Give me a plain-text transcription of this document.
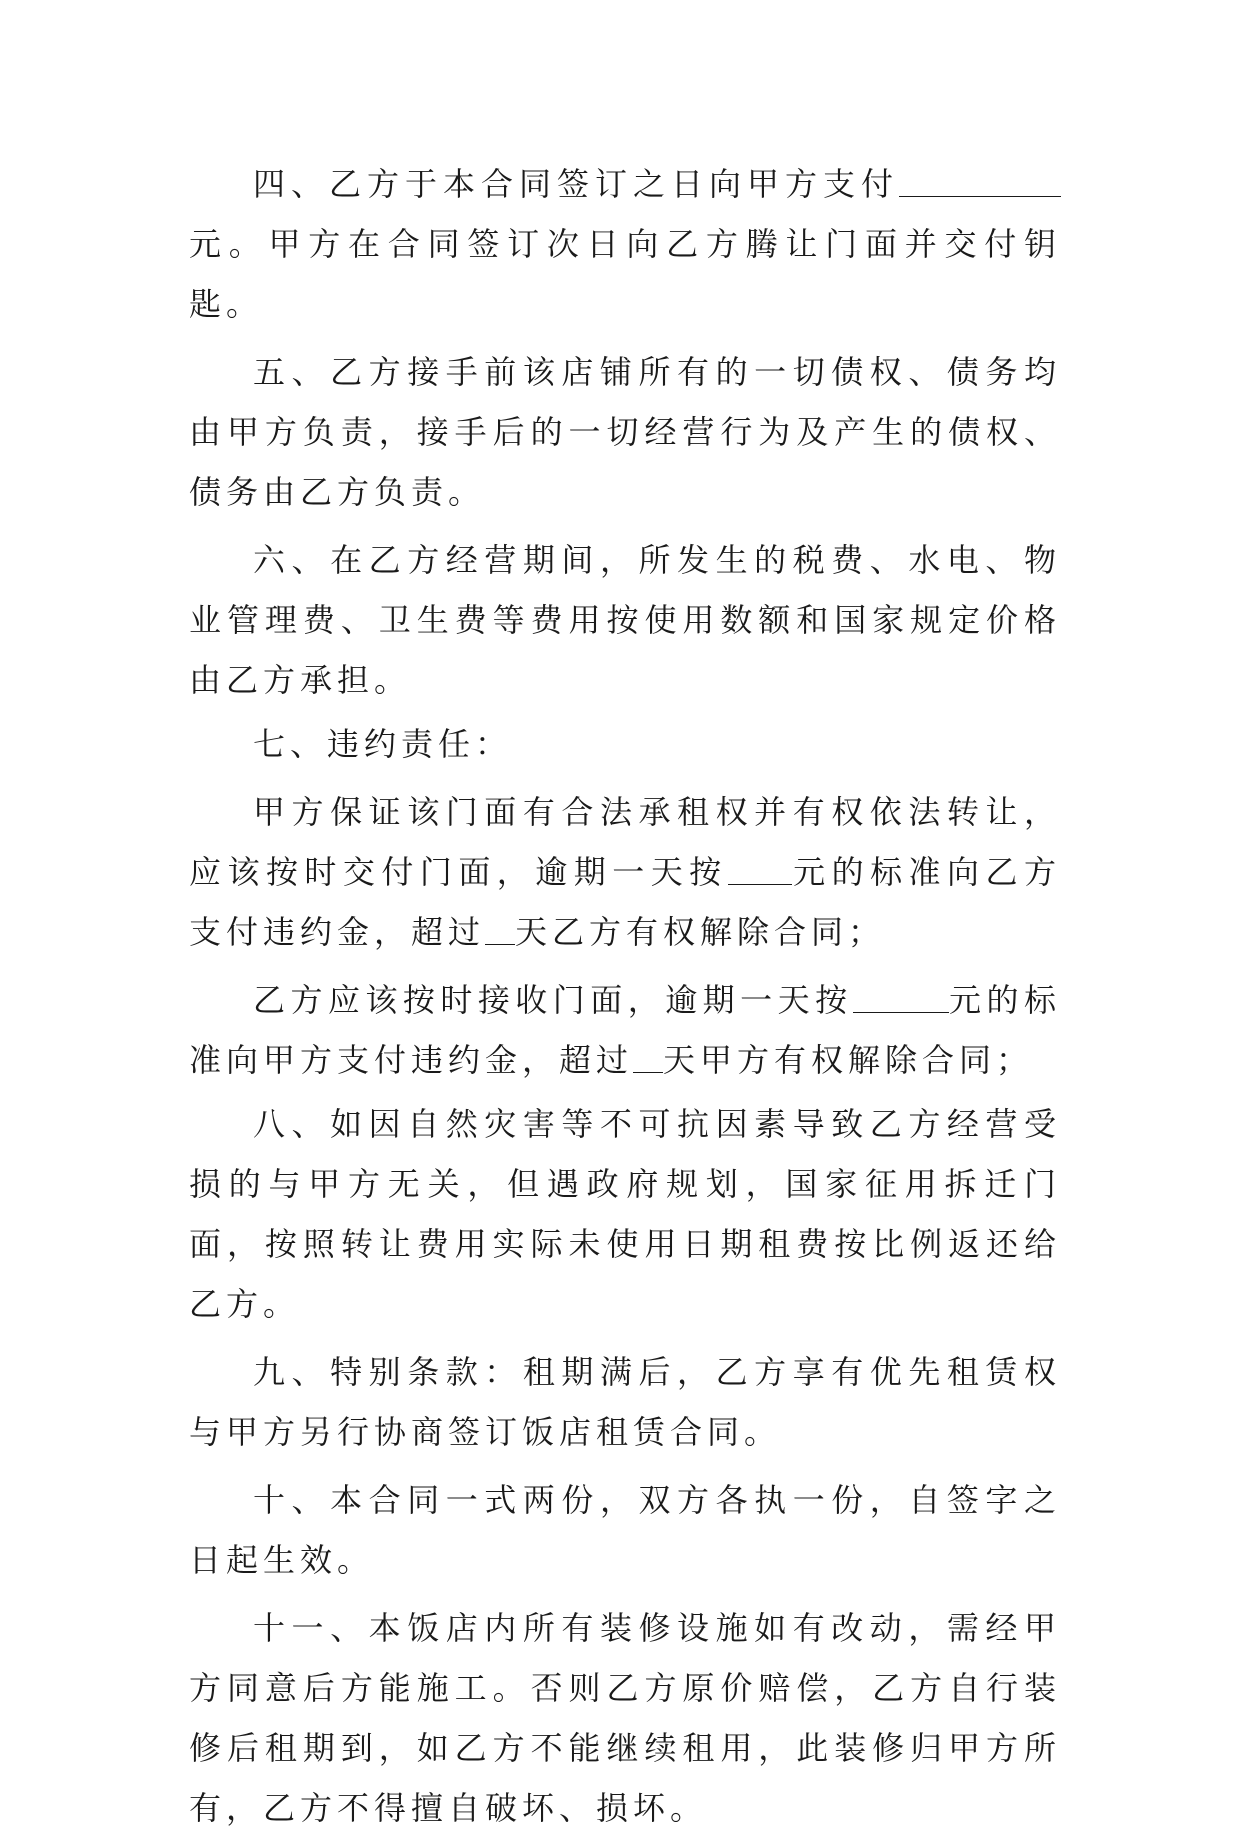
四、乙方于本合同签订之日向甲方支付元。甲方在合同签订次日向乙方腾让门面并交付钥匙。

五、乙方接手前该店铺所有的一切债权、债务均由甲方负责，接手后的一切经营行为及产生的债权、债务由乙方负责。

六、在乙方经营期间，所发生的税费、水电、物业管理费、卫生费等费用按使用数额和国家规定价格由乙方承担。

七、违约责任：

甲方保证该门面有合法承租权并有权依法转让，应该按时交付门面，逾期一天按 元的标准向乙方支付违约金，超过 天乙方有权解除合同；

乙方应该按时接收门面，逾期一天按	元的标准向甲方支付违约金，超过 天甲方有权解除合同；

八、如因自然灾害等不可抗因素导致乙方经营受损的与甲方无关，但遇政府规划，国家征用拆迁门面，按照转让费用实际未使用日期租费按比例返还给乙方。

九、特别条款：租期满后，乙方享有优先租赁权与甲方另行协商签订饭店租赁合同。

十、本合同一式两份，双方各执一份，自签字之日起生效。

十一、本饭店内所有装修设施如有改动，需经甲方同意后方能施工。否则乙方原价赔偿，乙方自行装修后租期到，如乙方不能继续租用，此装修归甲方所有，乙方不得擅自破坏、损坏。
